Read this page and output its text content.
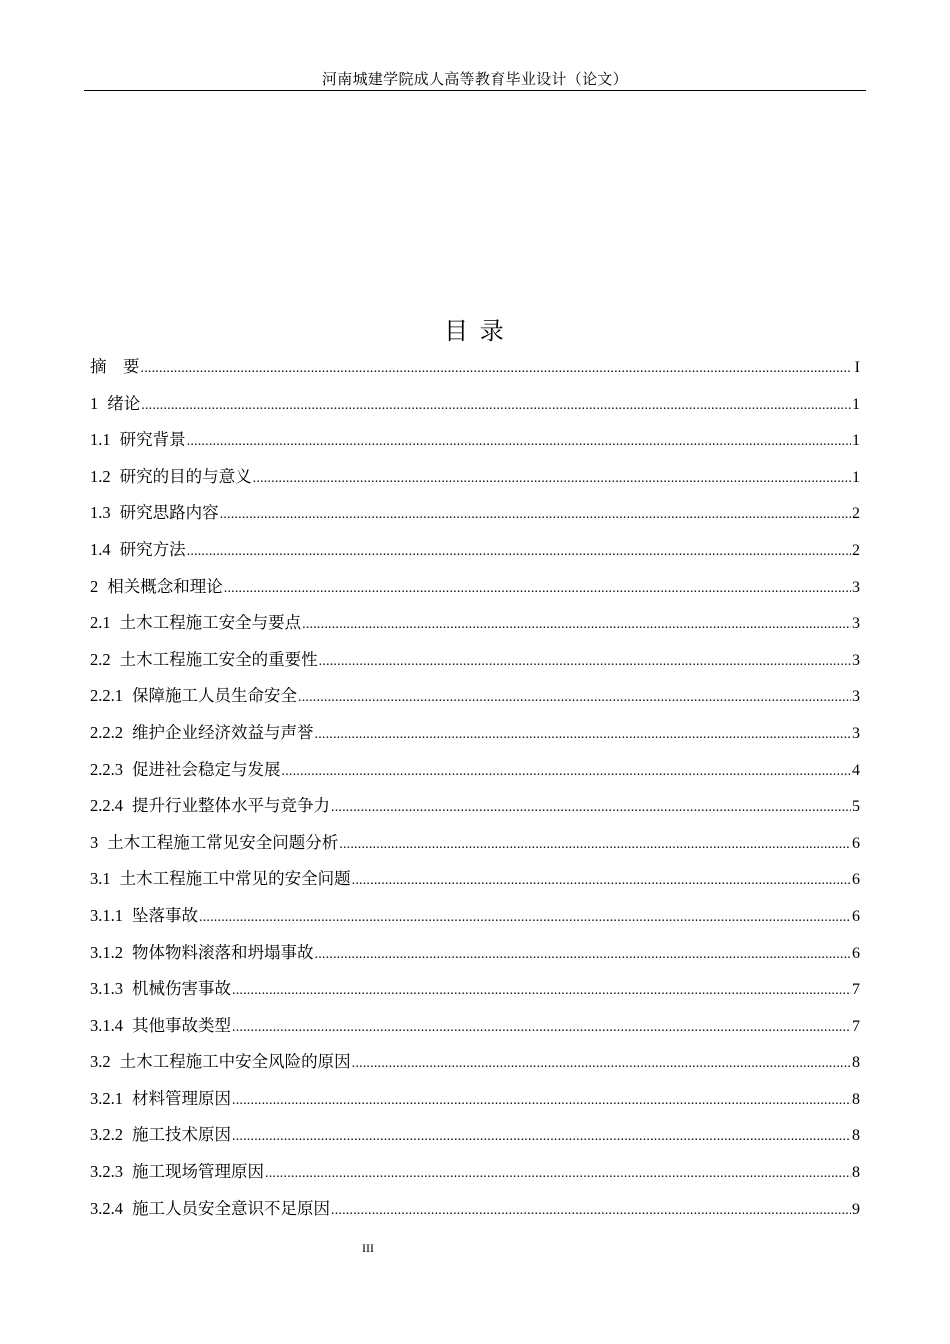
河南城建学院成人高等教育毕业设计（论文）
目 录
摘　要 .....	I
1 绪论 .....	1
1.1 研究背景 .....	1
1.2 研究的目的与意义 .....	1
1.3 研究思路内容 .....	2
1.4 研究方法 .....	2
2 相关概念和理论 .....	3
2.1 土木工程施工安全与要点 .....	3
2.2 土木工程施工安全的重要性 .....	3
2.2.1 保障施工人员生命安全 .....	3
2.2.2 维护企业经济效益与声誉 .....	3
2.2.3 促进社会稳定与发展 .....	4
2.2.4 提升行业整体水平与竞争力 .....	5
3 土木工程施工常见安全问题分析 .....	6
3.1 土木工程施工中常见的安全问题 .....	6
3.1.1 坠落事故 .....	6
3.1.2 物体物料滚落和坍塌事故 .....	6
3.1.3 机械伤害事故 .....	7
3.1.4 其他事故类型 .....	7
3.2 土木工程施工中安全风险的原因 .....	8
3.2.1 材料管理原因 .....	8
3.2.2 施工技术原因 .....	8
3.2.3 施工现场管理原因 .....	8
3.2.4 施工人员安全意识不足原因 .....	9
III
